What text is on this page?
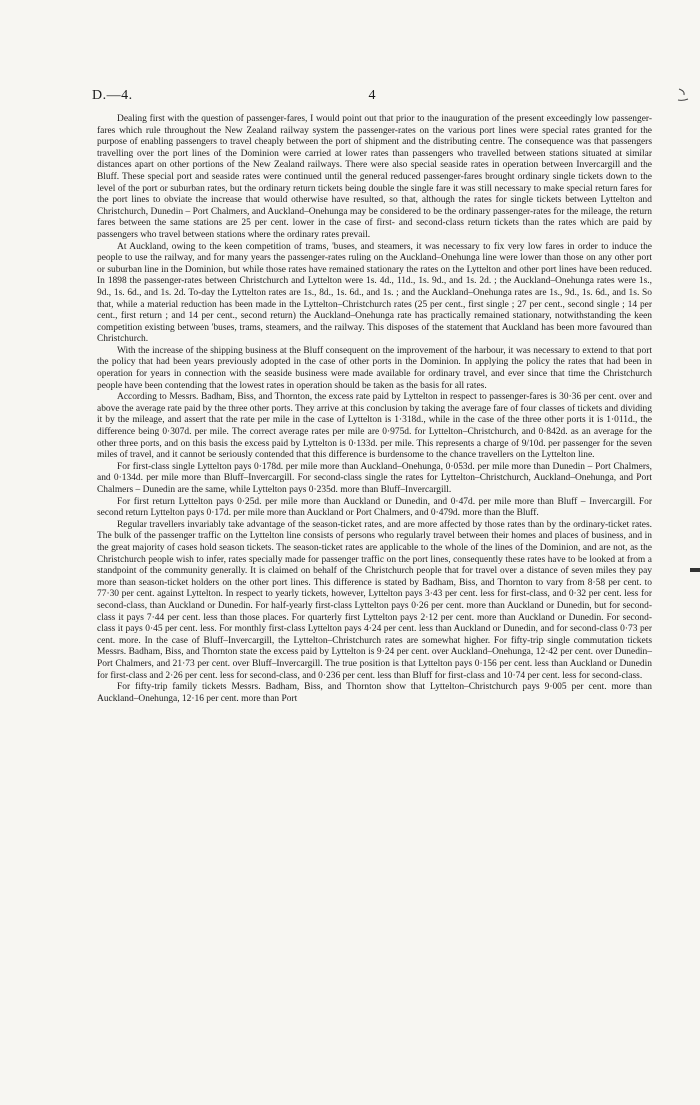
D.—4.	4

Dealing first with the question of passenger-fares, I would point out that prior to the inauguration of the present exceedingly low passenger-fares which rule throughout the New Zealand railway system the passenger-rates on the various port lines were special rates granted for the purpose of enabling passengers to travel cheaply between the port of shipment and the distributing centre. The consequence was that passengers travelling over the port lines of the Dominion were carried at lower rates than passengers who travelled between stations situated at similar distances apart on other portions of the New Zealand railways. There were also special seaside rates in operation between Invercargill and the Bluff. These special port and seaside rates were continued until the general reduced passenger-fares brought ordinary single tickets down to the level of the port or suburban rates, but the ordinary return tickets being double the single fare it was still necessary to make special return fares for the port lines to obviate the increase that would otherwise have resulted, so that, although the rates for single tickets between Lyttelton and Christchurch, Dunedin – Port Chalmers, and Auckland–Onehunga may be considered to be the ordinary passenger-rates for the mileage, the return fares between the same stations are 25 per cent. lower in the case of first- and second-class return tickets than the rates which are paid by passengers who travel between stations where the ordinary rates prevail.

At Auckland, owing to the keen competition of trams, 'buses, and steamers, it was necessary to fix very low fares in order to induce the people to use the railway, and for many years the passenger-rates ruling on the Auckland–Onehunga line were lower than those on any other port or suburban line in the Dominion, but while those rates have remained stationary the rates on the Lyttelton and other port lines have been reduced. In 1898 the passenger-rates between Christchurch and Lyttelton were 1s. 4d., 11d., 1s. 9d., and 1s. 2d. ; the Auckland–Onehunga rates were 1s., 9d., 1s. 6d., and 1s. 2d. To-day the Lyttelton rates are 1s., 8d., 1s. 6d., and 1s. ; and the Auckland–Onehunga rates are 1s., 9d., 1s. 6d., and 1s. So that, while a material reduction has been made in the Lyttelton–Christchurch rates (25 per cent., first single ; 27 per cent., second single ; 14 per cent., first return ; and 14 per cent., second return) the Auckland–Onehunga rate has practically remained stationary, notwithstanding the keen competition existing between 'buses, trams, steamers, and the railway. This disposes of the statement that Auckland has been more favoured than Christchurch.

With the increase of the shipping business at the Bluff consequent on the improvement of the harbour, it was necessary to extend to that port the policy that had been years previously adopted in the case of other ports in the Dominion. In applying the policy the rates that had been in operation for years in connection with the seaside business were made available for ordinary travel, and ever since that time the Christchurch people have been contending that the lowest rates in operation should be taken as the basis for all rates.

According to Messrs. Badham, Biss, and Thornton, the excess rate paid by Lyttelton in respect to passenger-fares is 30·36 per cent. over and above the average rate paid by the three other ports. They arrive at this conclusion by taking the average fare of four classes of tickets and dividing it by the mileage, and assert that the rate per mile in the case of Lyttelton is 1·318d., while in the case of the three other ports it is 1·011d., the difference being 0·307d. per mile. The correct average rates per mile are 0·975d. for Lyttelton–Christchurch, and 0·842d. as an average for the other three ports, and on this basis the excess paid by Lyttelton is 0·133d. per mile. This represents a charge of 9/10d. per passenger for the seven miles of travel, and it cannot be seriously contended that this difference is burdensome to the chance travellers on the Lyttelton line.

For first-class single Lyttelton pays 0·178d. per mile more than Auckland–Onehunga, 0·053d. per mile more than Dunedin – Port Chalmers, and 0·134d. per mile more than Bluff–Invercargill. For second-class single the rates for Lyttelton–Christchurch, Auckland–Onehunga, and Port Chalmers – Dunedin are the same, while Lyttelton pays 0·235d. more than Bluff–Invercargill.

For first return Lyttelton pays 0·25d. per mile more than Auckland or Dunedin, and 0·47d. per mile more than Bluff – Invercargill. For second return Lyttelton pays 0·17d. per mile more than Auckland or Port Chalmers, and 0·479d. more than the Bluff.

Regular travellers invariably take advantage of the season-ticket rates, and are more affected by those rates than by the ordinary-ticket rates. The bulk of the passenger traffic on the Lyttelton line consists of persons who regularly travel between their homes and places of business, and in the great majority of cases hold season tickets. The season-ticket rates are applicable to the whole of the lines of the Dominion, and are not, as the Christchurch people wish to infer, rates specially made for passenger traffic on the port lines, consequently these rates have to be looked at from a standpoint of the community generally. It is claimed on behalf of the Christchurch people that for travel over a distance of seven miles they pay more than season-ticket holders on the other port lines. This difference is stated by Badham, Biss, and Thornton to vary from 8·58 per cent. to 77·30 per cent. against Lyttelton. In respect to yearly tickets, however, Lyttelton pays 3·43 per cent. less for first-class, and 0·32 per cent. less for second-class, than Auckland or Dunedin. For half-yearly first-class Lyttelton pays 0·26 per cent. more than Auckland or Dunedin, but for second-class it pays 7·44 per cent. less than those places. For quarterly first Lyttelton pays 2·12 per cent. more than Auckland or Dunedin. For second-class it pays 0·45 per cent. less. For monthly first-class Lyttelton pays 4·24 per cent. less than Auckland or Dunedin, and for second-class 0·73 per cent. more. In the case of Bluff–Invercargill, the Lyttelton–Christchurch rates are somewhat higher. For fifty-trip single commutation tickets Messrs. Badham, Biss, and Thornton state the excess paid by Lyttelton is 9·24 per cent. over Auckland–Onehunga, 12·42 per cent. over Dunedin–Port Chalmers, and 21·73 per cent. over Bluff–Invercargill. The true position is that Lyttelton pays 0·156 per cent. less than Auckland or Dunedin for first-class and 2·26 per cent. less for second-class, and 0·236 per cent. less than Bluff for first-class and 10·74 per cent. less for second-class.

For fifty-trip family tickets Messrs. Badham, Biss, and Thornton show that Lyttelton–Christchurch pays 9·005 per cent. more than Auckland–Onehunga, 12·16 per cent. more than Port
